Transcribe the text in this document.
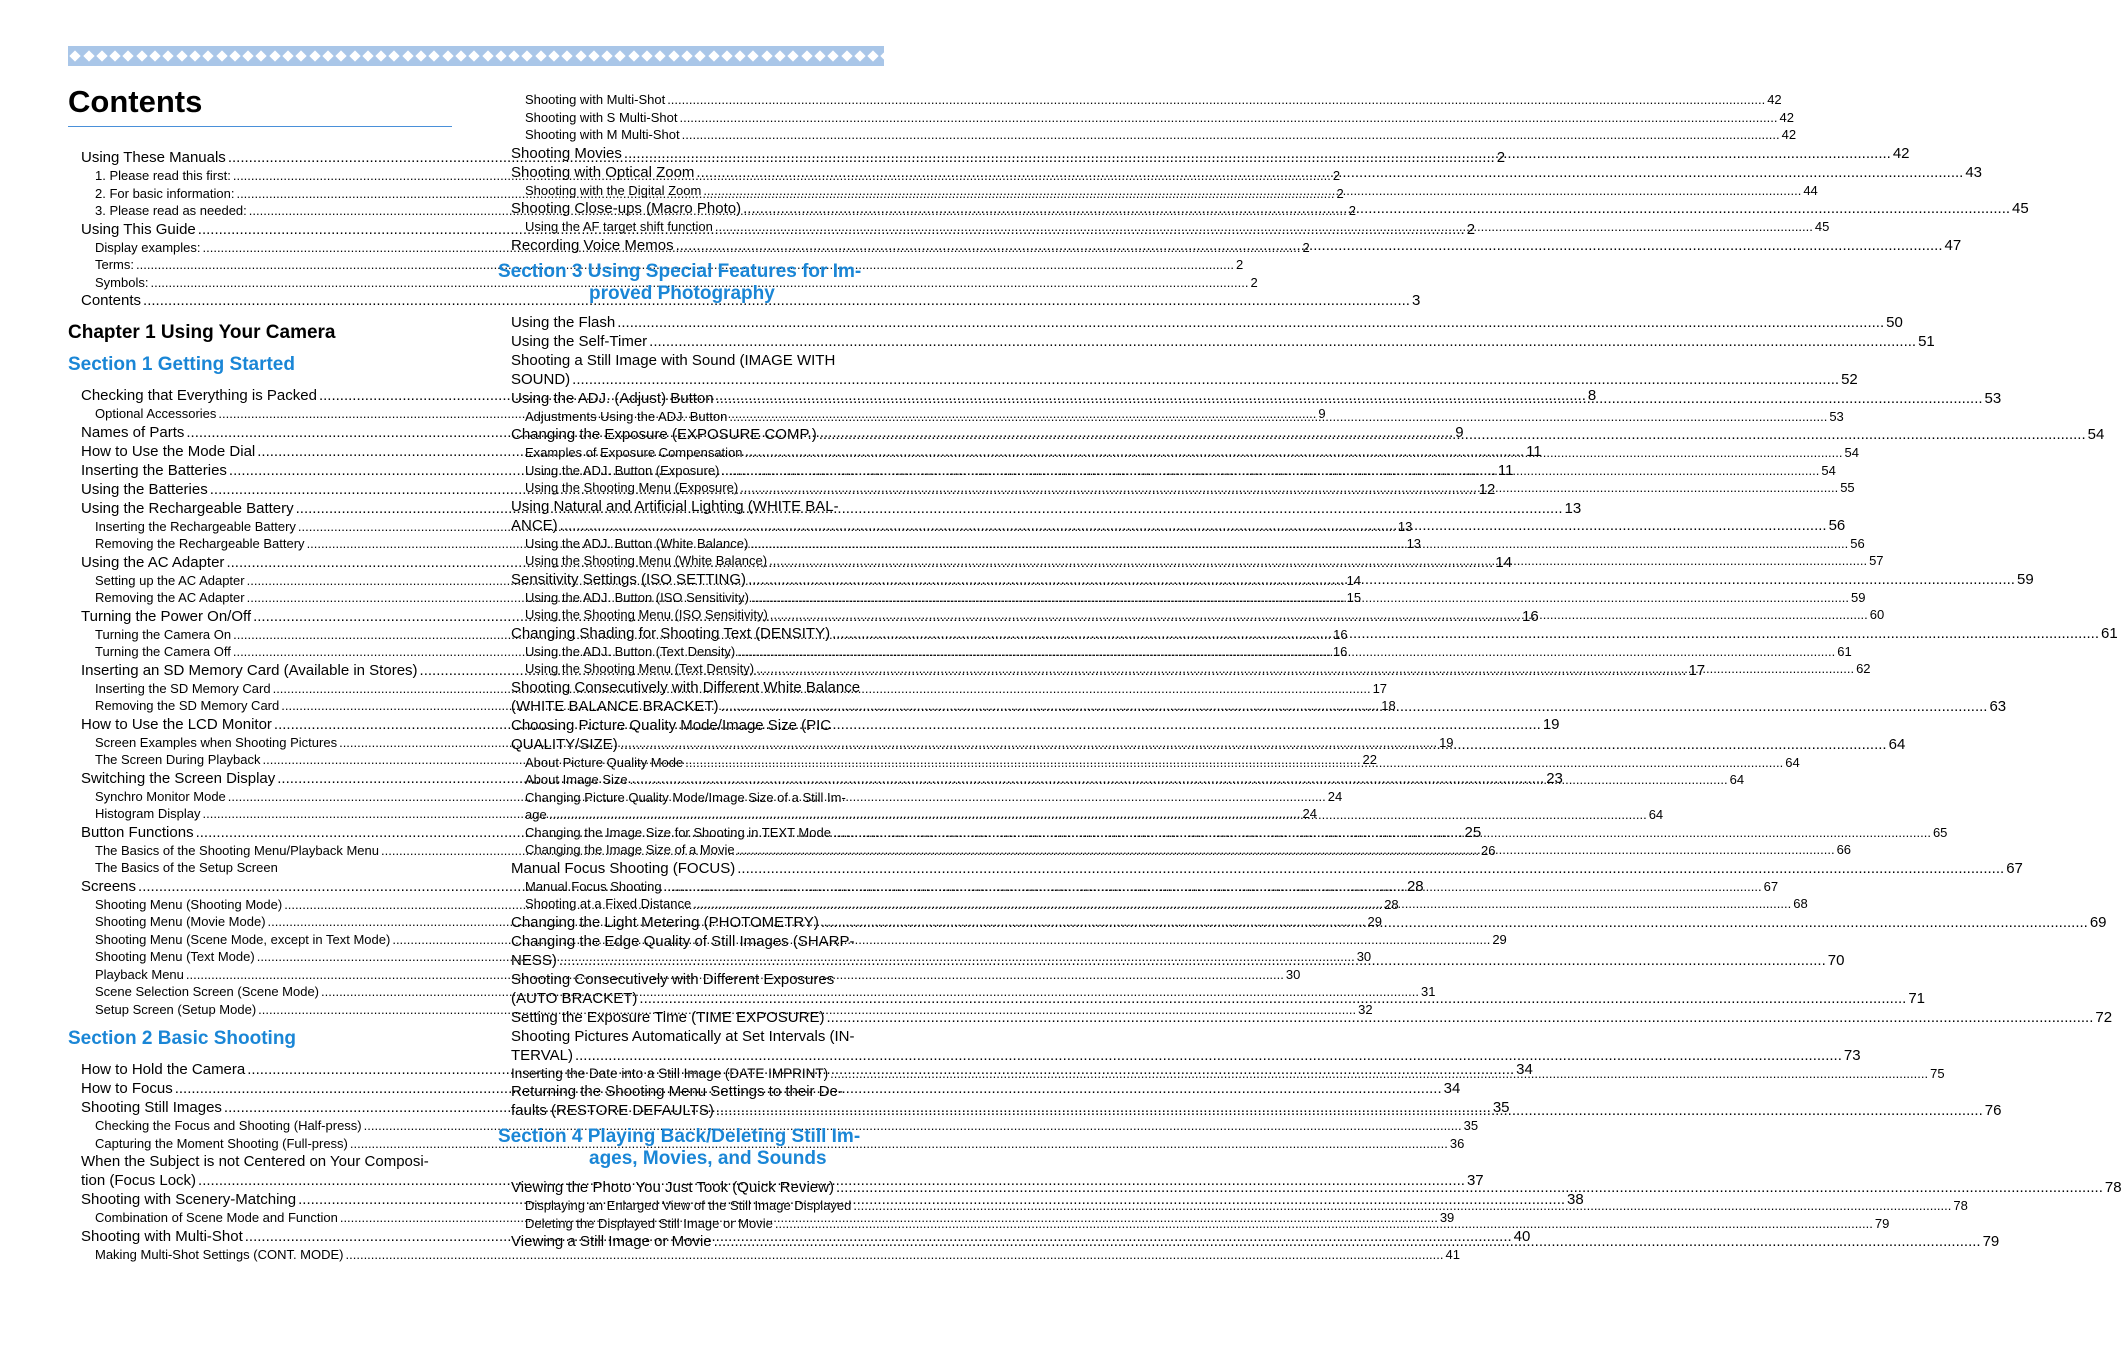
Contents
Using These Manuals .....	2
1. Please read this first: .....	2
2. For basic information: .....	2
3. Please read as needed: .....	2
Using This Guide .....	2
Display examples: .....	2
Terms: .....	2
Symbols: .....	2
Contents .....	3
Chapter 1 Using Your Camera
Section 1 Getting Started
Checking that Everything is Packed .....	8
Optional Accessories .....	9
Names of Parts .....	9
How to Use the Mode Dial .....	11
Inserting the Batteries .....	11
Using the Batteries .....	12
Using the Rechargeable Battery .....	13
Inserting the Rechargeable Battery .....	13
Removing the Rechargeable Battery .....	13
Using the AC Adapter .....	14
Setting up the AC Adapter .....	14
Removing the AC Adapter .....	15
Turning the Power On/Off .....	16
Turning the Camera On .....	16
Turning the Camera Off .....	16
Inserting an SD Memory Card (Available in Stores) .....	17
Inserting the SD Memory Card .....	17
Removing the SD Memory Card .....	18
How to Use the LCD Monitor .....	19
Screen Examples when Shooting Pictures .....	19
The Screen During Playback .....	22
Switching the Screen Display .....	23
Synchro Monitor Mode .....	24
Histogram Display .....	24
Button Functions .....	25
The Basics of the Shooting Menu/Playback Menu .....	26
The Basics of the Setup Screen
Screens .....	28
Shooting Menu (Shooting Mode) .....	28
Shooting Menu (Movie Mode) .....	29
Shooting Menu (Scene Mode, except in Text Mode) .....	29
Shooting Menu (Text Mode) .....	30
Playback Menu .....	30
Scene Selection Screen (Scene Mode) .....	31
Setup Screen (Setup Mode) .....	32
Section 2 Basic Shooting
How to Hold the Camera .....	34
How to Focus .....	34
Shooting Still Images .....	35
Checking the Focus and Shooting (Half-press) .....	35
Capturing the Moment Shooting (Full-press) .....	36
When the Subject is not Centered on Your Composi-
tion (Focus Lock) .....	37
Shooting with Scenery-Matching .....	38
Combination of Scene Mode and Function .....	39
Shooting with Multi-Shot .....	40
Making Multi-Shot Settings (CONT. MODE) .....	41
Shooting with Multi-Shot .....	42
Shooting with S Multi-Shot .....	42
Shooting with M Multi-Shot .....	42
Shooting Movies .....	42
Shooting with Optical Zoom .....	43
Shooting with the Digital Zoom .....	44
Shooting Close-ups (Macro Photo) .....	45
Using the AF target shift function .....	45
Recording Voice Memos .....	47
Section 3 Using Special Features for Im-
proved Photography
Using the Flash .....	50
Using the Self-Timer .....	51
Shooting a Still Image with Sound (IMAGE WITH
SOUND) .....	52
Using the ADJ. (Adjust) Button .....	53
Adjustments Using the ADJ. Button .....	53
Changing the Exposure (EXPOSURE COMP.) .....	54
Examples of Exposure Compensation .....	54
Using the ADJ. Button (Exposure) .....	54
Using the Shooting Menu (Exposure) .....	55
Using Natural and Artificial Lighting (WHITE BAL-
ANCE) .....	56
Using the ADJ. Button (White Balance) .....	56
Using the Shooting Menu (White Balance) .....	57
Sensitivity Settings (ISO SETTING) .....	59
Using the ADJ. Button (ISO Sensitivity) .....	59
Using the Shooting Menu (ISO Sensitivity) .....	60
Changing Shading for Shooting Text (DENSITY) .....	61
Using the ADJ. Button (Text Density) .....	61
Using the Shooting Menu (Text Density) .....	62
Shooting Consecutively with Different White Balance
(WHITE BALANCE BRACKET) .....	63
Choosing Picture Quality Mode/Image Size (PIC
QUALITY/SIZE) .....	64
About Picture Quality Mode .....	64
About Image Size .....	64
Changing Picture Quality Mode/Image Size of a Still Im-
age .....	64
Changing the Image Size for Shooting in TEXT Mode .....	65
Changing the Image Size of a Movie .....	66
Manual Focus Shooting (FOCUS) .....	67
Manual Focus Shooting .....	67
Shooting at a Fixed Distance .....	68
Changing the Light Metering (PHOTOMETRY) .....	69
Changing the Edge Quality of Still Images (SHARP-
NESS) .....	70
Shooting Consecutively with Different Exposures
(AUTO BRACKET) .....	71
Setting the Exposure Time (TIME EXPOSURE) .....	72
Shooting Pictures Automatically at Set Intervals (IN-
TERVAL) .....	73
Inserting the Date into a Still Image (DATE IMPRINT) .....	75
Returning the Shooting Menu Settings to their De-
faults (RESTORE DEFAULTS) .....	76
Section 4 Playing Back/Deleting Still Im-
ages, Movies, and Sounds
Viewing the Photo You Just Took (Quick Review) .....	78
Displaying an Enlarged View of the Still Image Displayed .....	78
Deleting the Displayed Still Image or Movie .....	79
Viewing a Still Image or Movie .....	79
